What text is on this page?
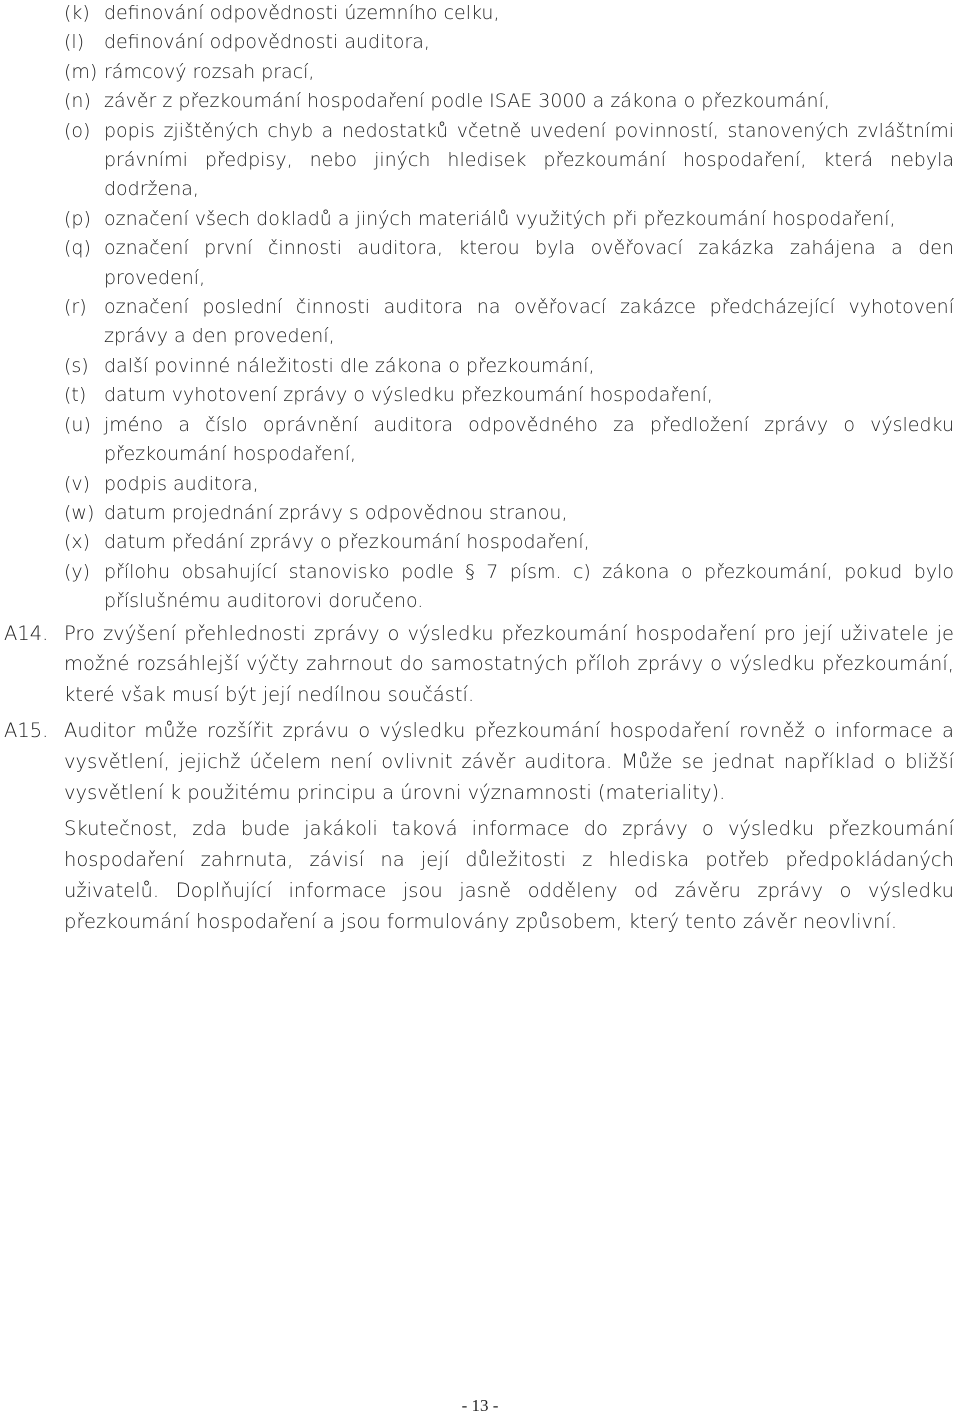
(k) definování odpovědnosti územního celku,
(l) definování odpovědnosti auditora,
(m) rámcový rozsah prací,
(n) závěr z přezkoumání hospodaření podle ISAE 3000 a zákona o přezkoumání,
(o) popis zjištěných chyb a nedostatků včetně uvedení povinností, stanovených zvláštními právními předpisy, nebo jiných hledisek přezkoumání hospodaření, která nebyla dodržena,
(p) označení všech dokladů a jiných materiálů využitých při přezkoumání hospodaření,
(q) označení první činnosti auditora, kterou byla ověřovací zakázka zahájena a den provedení,
(r) označení poslední činnosti auditora na ověřovací zakázce předcházející vyhotovení zprávy a den provedení,
(s) další povinné náležitosti dle zákona o přezkoumání,
(t) datum vyhotovení zprávy o výsledku přezkoumání hospodaření,
(u) jméno a číslo oprávnění auditora odpovědného za předložení zprávy o výsledku přezkoumání hospodaření,
(v) podpis auditora,
(w) datum projednání zprávy s odpovědnou stranou,
(x) datum předání zprávy o přezkoumání hospodaření,
(y) přílohu obsahující stanovisko podle § 7 písm. c) zákona o přezkoumání, pokud bylo příslušnému auditorovi doručeno.
A14. Pro zvýšení přehlednosti zprávy o výsledku přezkoumání hospodaření pro její uživatele je možné rozsáhlejší výčty zahrnout do samostatných příloh zprávy o výsledku přezkoumání, které však musí být její nedílnou součástí.
A15. Auditor může rozšířit zprávu o výsledku přezkoumání hospodaření rovněž o informace a vysvětlení, jejichž účelem není ovlivnit závěr auditora. Může se jednat například o bližší vysvětlení k použitému principu a úrovni významnosti (materiality).
Skutečnost, zda bude jakákoli taková informace do zprávy o výsledku přezkoumání hospodaření zahrnuta, závisí na její důležitosti z hlediska potřeb předpokládaných uživatelů. Doplňující informace jsou jasně odděleny od závěru zprávy o výsledku přezkoumání hospodaření a jsou formulovány způsobem, který tento závěr neovlivní.
- 13 -
